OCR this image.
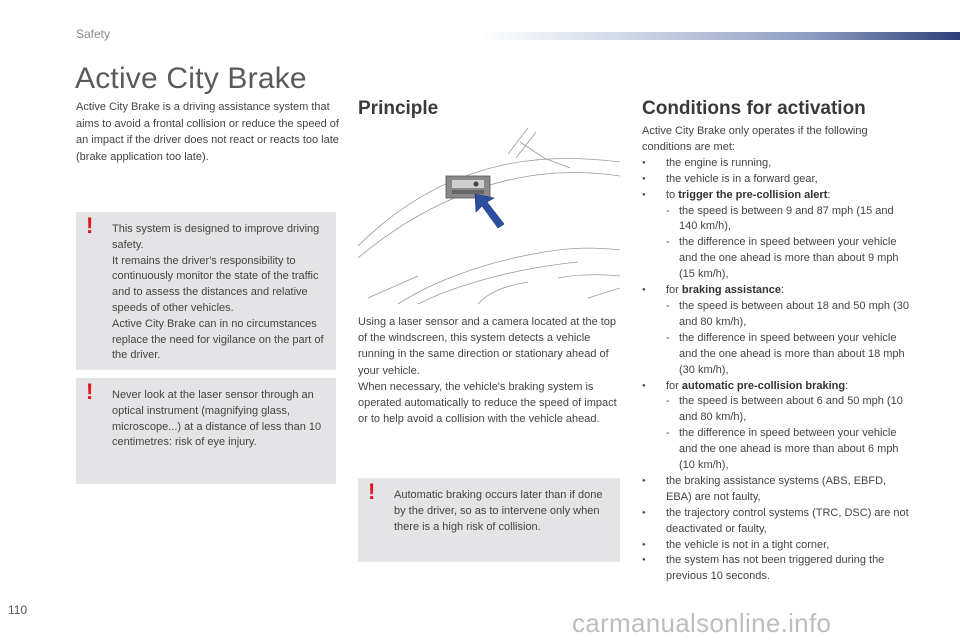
Safety
Active City Brake

Active City Brake is a driving assistance system that aims to avoid a frontal collision or reduce the speed of an impact if the driver does not react or reacts too late (brake application too late).

! This system is designed to improve driving safety.
It remains the driver's responsibility to continuously monitor the state of the traffic and to assess the distances and relative speeds of other vehicles.
Active City Brake can in no circumstances replace the need for vigilance on the part of the driver.
! Never look at the laser sensor through an optical instrument (magnifying glass, microscope...) at a distance of less than 10 centimetres: risk of eye injury.
Principle

Using a laser sensor and a camera located at the top of the windscreen, this system detects a vehicle running in the same direction or stationary ahead of your vehicle.
When necessary, the vehicle's braking system is operated automatically to reduce the speed of impact or to help avoid a collision with the vehicle ahead.

! Automatic braking occurs later than if done by the driver, so as to intervene only when there is a high risk of collision.
Conditions for activation
Active City Brake only operates if the following conditions are met:
● the engine is running,
● the vehicle is in a forward gear,
● to trigger the pre-collision alert:
- the speed is between 9 and 87 mph (15 and 140 km/h),
- the difference in speed between your vehicle and the one ahead is more than about 9 mph (15 km/h),
● for braking assistance:
- the speed is between about 18 and 50 mph (30 and 80 km/h),
- the difference in speed between your vehicle and the one ahead is more than about 18 mph (30 km/h),
● for automatic pre-collision braking:
- the speed is between about 6 and 50 mph (10 and 80 km/h),
- the difference in speed between your vehicle and the one ahead is more than about 6 mph (10 km/h),
● the braking assistance systems (ABS, EBFD, EBA) are not faulty,
● the trajectory control systems (TRC, DSC) are not deactivated or faulty,
● the vehicle is not in a tight corner,
● the system has not been triggered during the previous 10 seconds.
110	carmanualsonline.info
